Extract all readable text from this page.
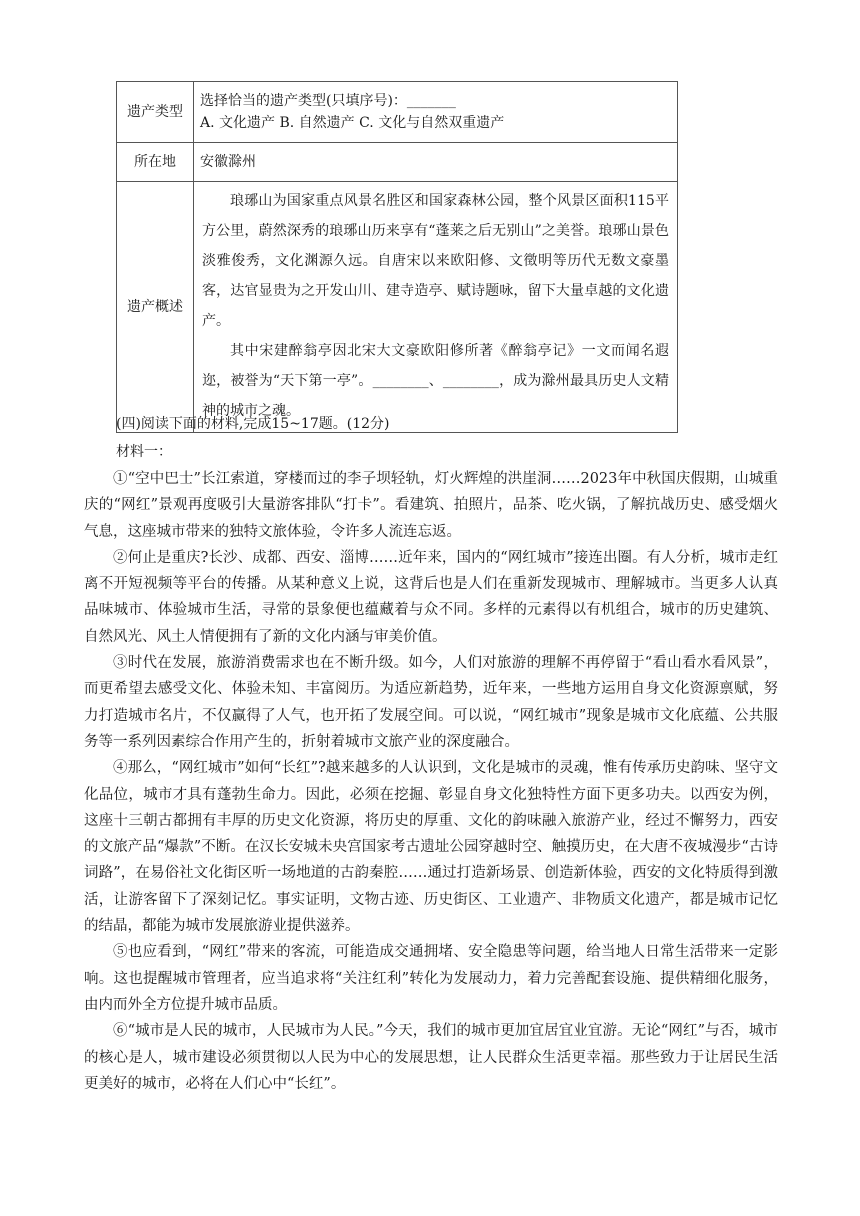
遗产类型	选择恰当的遗产类型(只填序号)：_______
A. 文化遗产 B. 自然遗产 C. 文化与自然双重遗产

所在地	安徽滁州
遗产概述	琅琊山为国家重点风景名胜区和国家森林公园，整个风景区面积115平方公里，蔚然深秀的琅琊山历来享有“蓬莱之后无别山”之美誉。琅琊山景色淡雅俊秀，文化渊源久远。自唐宋以来欧阳修、文徵明等历代无数文豪墨客，达官显贵为之开发山川、建寺造亭、赋诗题咏，留下大量卓越的文化遗产。

其中宋建醉翁亭因北宋大文豪欧阳修所著《醉翁亭记》一文而闻名遐迩，被誉为“天下第一亭”。________、________，成为滁州最具历史人文精神的城市之魂。

(四)阅读下面的材料,完成15~17题。(12分)
材料一：

①“空中巴士”长江索道，穿楼而过的李子坝轻轨，灯火辉煌的洪崖洞……2023年中秋国庆假期，山城重庆的“网红”景观再度吸引大量游客排队“打卡”。看建筑、拍照片，品茶、吃火锅，了解抗战历史、感受烟火气息，这座城市带来的独特文旅体验，令许多人流连忘返。

②何止是重庆?长沙、成都、西安、淄博……近年来，国内的“网红城市”接连出圈。有人分析，城市走红离不开短视频等平台的传播。从某种意义上说，这背后也是人们在重新发现城市、理解城市。当更多人认真品味城市、体验城市生活，寻常的景象便也蕴藏着与众不同。多样的元素得以有机组合，城市的历史建筑、自然风光、风土人情便拥有了新的文化内涵与审美价值。

③时代在发展，旅游消费需求也在不断升级。如今，人们对旅游的理解不再停留于“看山看水看风景”，而更希望去感受文化、体验未知、丰富阅历。为适应新趋势，近年来，一些地方运用自身文化资源禀赋，努力打造城市名片，不仅赢得了人气，也开拓了发展空间。可以说，“网红城市”现象是城市文化底蕴、公共服务等一系列因素综合作用产生的，折射着城市文旅产业的深度融合。

④那么，“网红城市”如何“长红”?越来越多的人认识到，文化是城市的灵魂，惟有传承历史韵味、坚守文化品位，城市才具有蓬勃生命力。因此，必须在挖掘、彰显自身文化独特性方面下更多功夫。以西安为例，这座十三朝古都拥有丰厚的历史文化资源，将历史的厚重、文化的韵味融入旅游产业，经过不懈努力，西安的文旅产品“爆款”不断。在汉长安城未央宫国家考古遗址公园穿越时空、触摸历史，在大唐不夜城漫步“古诗词路”，在易俗社文化街区听一场地道的古韵秦腔……通过打造新场景、创造新体验，西安的文化特质得到激活，让游客留下了深刻记忆。事实证明，文物古迹、历史街区、工业遗产、非物质文化遗产，都是城市记忆的结晶，都能为城市发展旅游业提供滋养。

⑤也应看到，“网红”带来的客流，可能造成交通拥堵、安全隐患等问题，给当地人日常生活带来一定影响。这也提醒城市管理者，应当追求将“关注红利”转化为发展动力，着力完善配套设施、提供精细化服务，由内而外全方位提升城市品质。

⑥“城市是人民的城市，人民城市为人民。”今天，我们的城市更加宜居宜业宜游。无论“网红”与否，城市的核心是人，城市建设必须贯彻以人民为中心的发展思想，让人民群众生活更幸福。那些致力于让居民生活更美好的城市，必将在人们心中“长红”。
